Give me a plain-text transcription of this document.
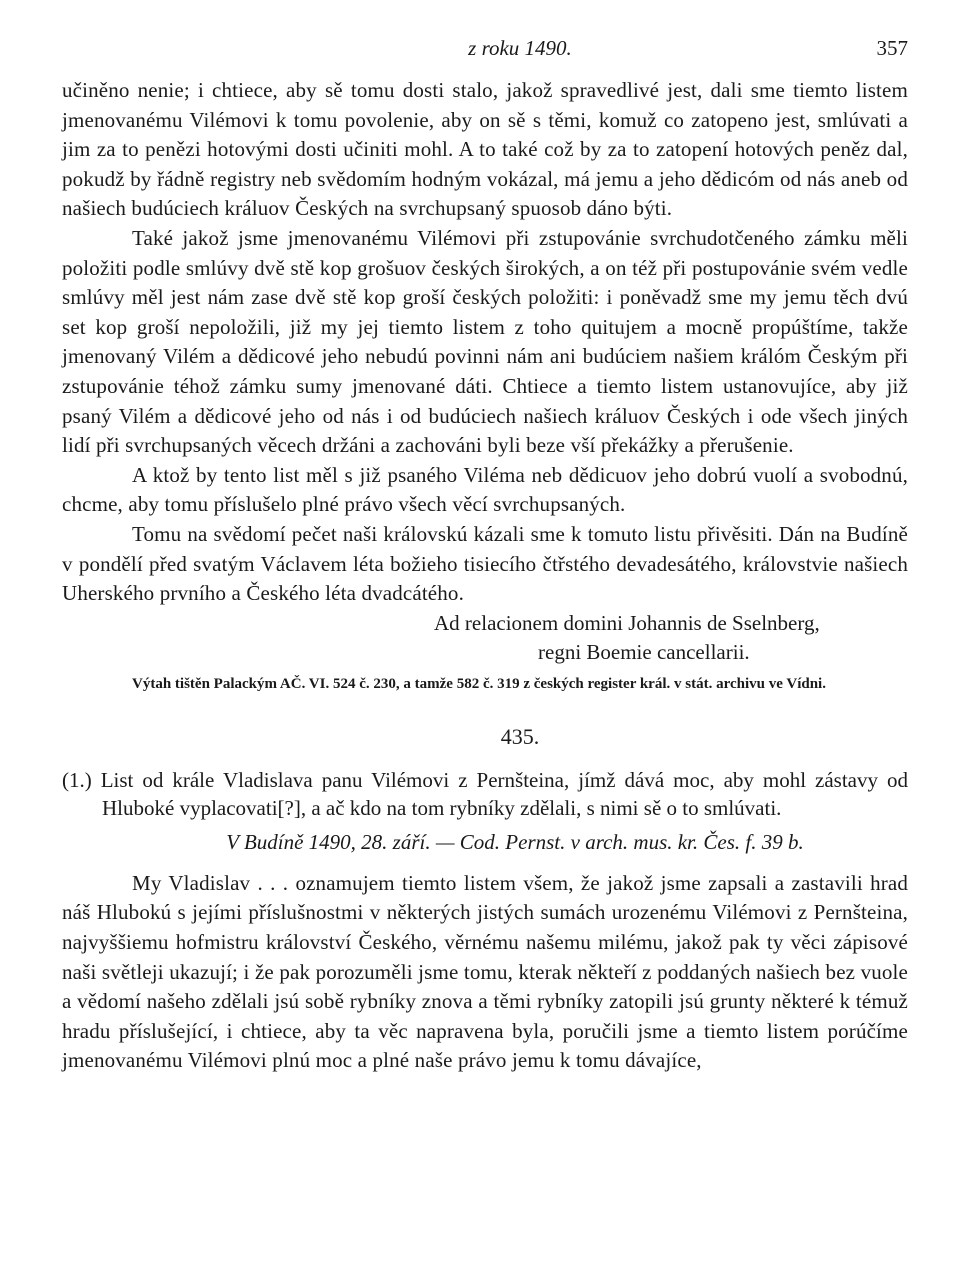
z roku 1490.	357

učiněno nenie; i chtiece, aby sě tomu dosti stalo, jakož spravedlivé jest, dali sme tiemto listem jmenovanému Vilémovi k tomu povolenie, aby on sě s těmi, komuž co zatopeno jest, smlúvati a jim za to penězi hotovými dosti učiniti mohl. A to také což by za to zatopení hotových peněz dal, pokudž by řádně registry neb svědomím hodným vokázal, má jemu a jeho dědicóm od nás aneb od našiech budúciech králuov Českých na svrchupsaný spuosob dáno býti.

Také jakož jsme jmenovanému Vilémovi při zstupovánie svrchudotčeného zámku měli položiti podle smlúvy dvě stě kop grošuov českých širokých, a on též při postupovánie svém vedle smlúvy měl jest nám zase dvě stě kop groší českých položiti: i poněvadž sme my jemu těch dvú set kop groší nepoložili, již my jej tiemto listem z toho quitujem a mocně propúštíme, takže jmenovaný Vilém a dědicové jeho nebudú povinni nám ani budúciem našiem králóm Českým při zstupovánie téhož zámku sumy jmenované dáti. Chtiece a tiemto listem ustanovujíce, aby již psaný Vilém a dědicové jeho od nás i od budúciech našiech králuov Českých i ode všech jiných lidí při svrchupsaných věcech držáni a zachováni byli beze vší překážky a přerušenie.

A ktož by tento list měl s již psaného Viléma neb dědicuov jeho dobrú vuolí a svobodnú, chcme, aby tomu příslušelo plné právo všech věcí svrchupsaných.

Tomu na svědomí pečet naši královskú kázali sme k tomuto listu přivěsiti. Dán na Budíně v pondělí před svatým Václavem léta božieho tisiecího čtřstého devadesátého, královstvie našiech Uherského prvního a Českého léta dvadcátého.

Ad relacionem domini Johannis de Sselnberg,

regni Boemie cancellarii.

Výtah tištěn Palackým AČ. VI. 524 č. 230, a tamže 582 č. 319 z českých register král. v stát. archivu ve Vídni.

435.

(1.) List od krále Vladislava panu Vilémovi z Pernšteina, jímž dává moc, aby mohl zástavy od Hluboké vyplacovati[?], a ač kdo na tom rybníky zdělali, s nimi sě o to smlúvati.

V Budíně 1490, 28. září. — Cod. Pernst. v arch. mus. kr. Čes. f. 39 b.

My Vladislav . . . oznamujem tiemto listem všem, že jakož jsme zapsali a zastavili hrad náš Hlubokú s jejími příslušnostmi v některých jistých sumách urozenému Vilémovi z Pernšteina, najvyššiemu hofmistru království Českého, věrnému našemu milému, jakož pak ty věci zápisové naši světleji ukazují; i že pak porozuměli jsme tomu, kterak někteří z poddaných našiech bez vuole a vědomí našeho zdělali jsú sobě rybníky znova a těmi rybníky zatopili jsú grunty některé k témuž hradu příslušející, i chtiece, aby ta věc napravena byla, poručili jsme a tiemto listem porúčíme jmenovanému Vilémovi plnú moc a plné naše právo jemu k tomu dávajíce,
